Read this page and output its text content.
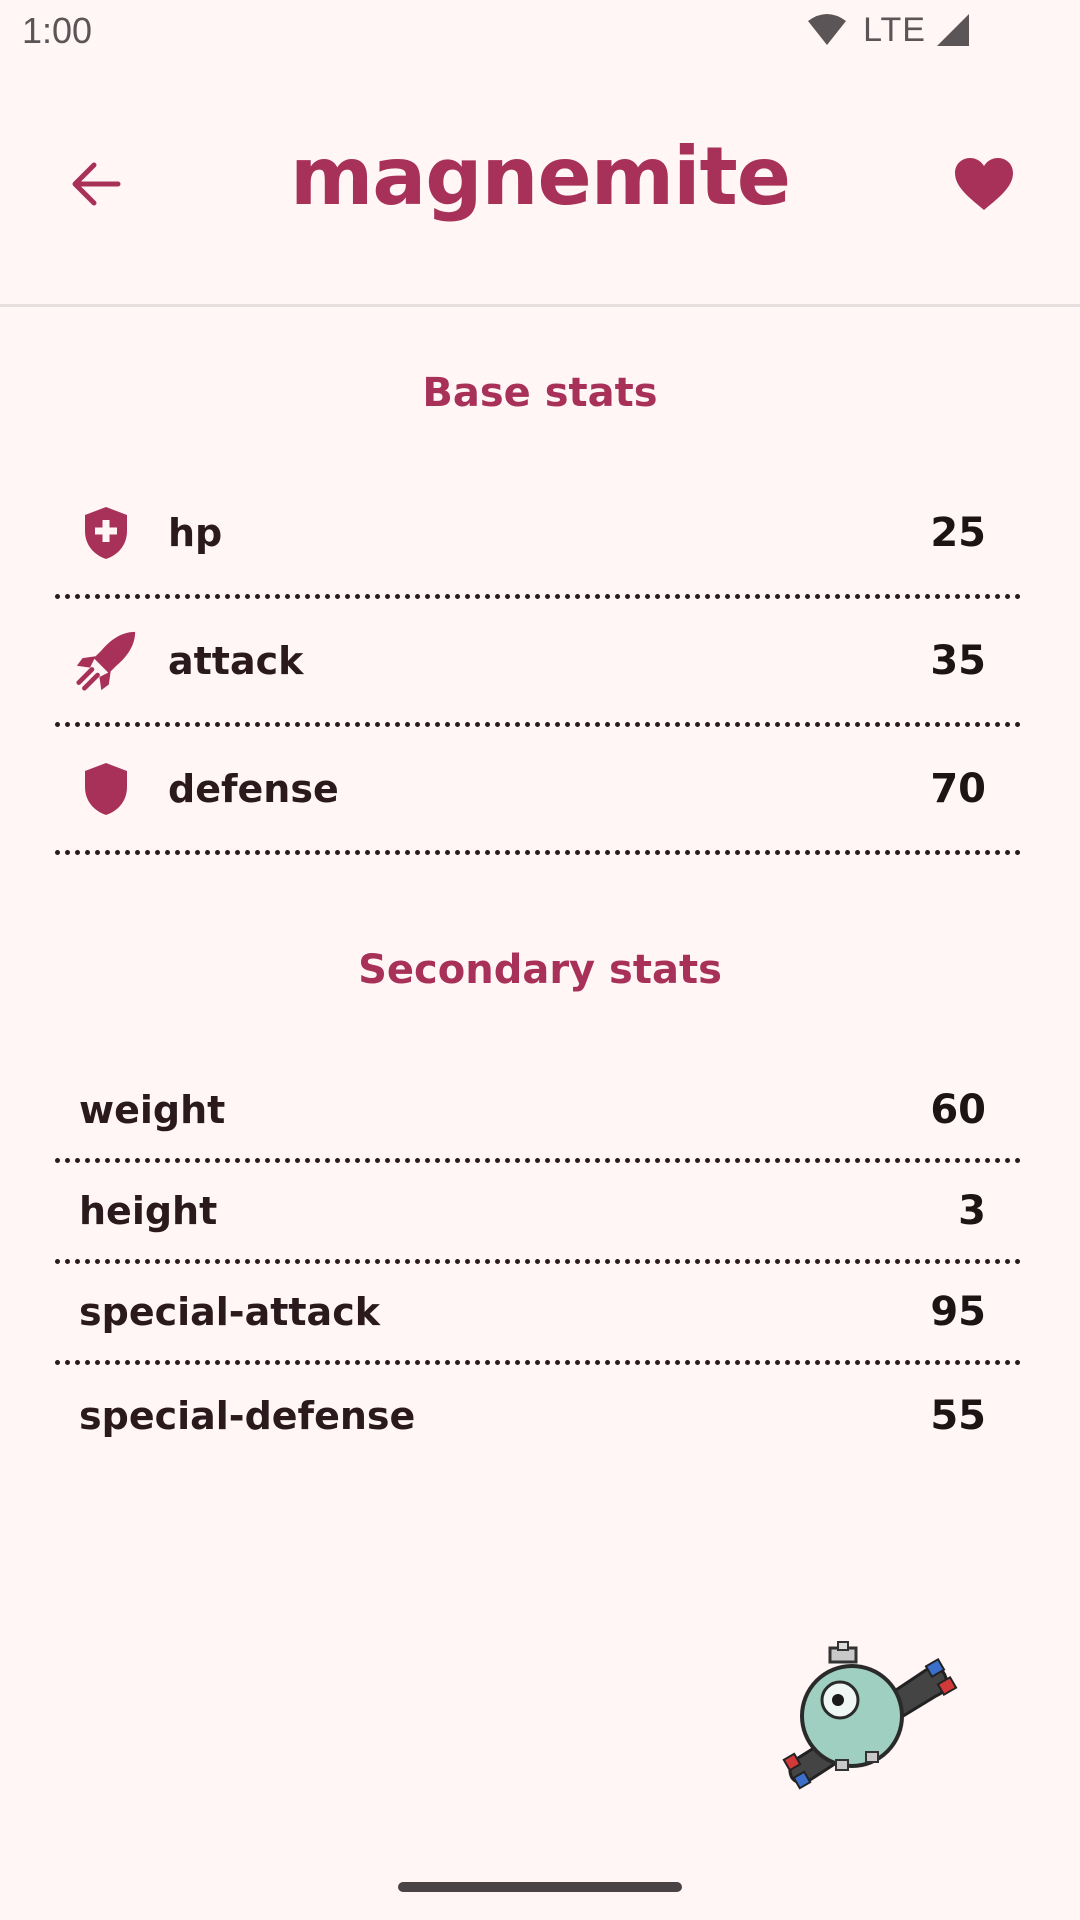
1:00	LTE
magnemite
Base stats
hp	25
attack	35
defense	70
Secondary stats
weight	60
height	3
special-attack	95
special-defense	55
